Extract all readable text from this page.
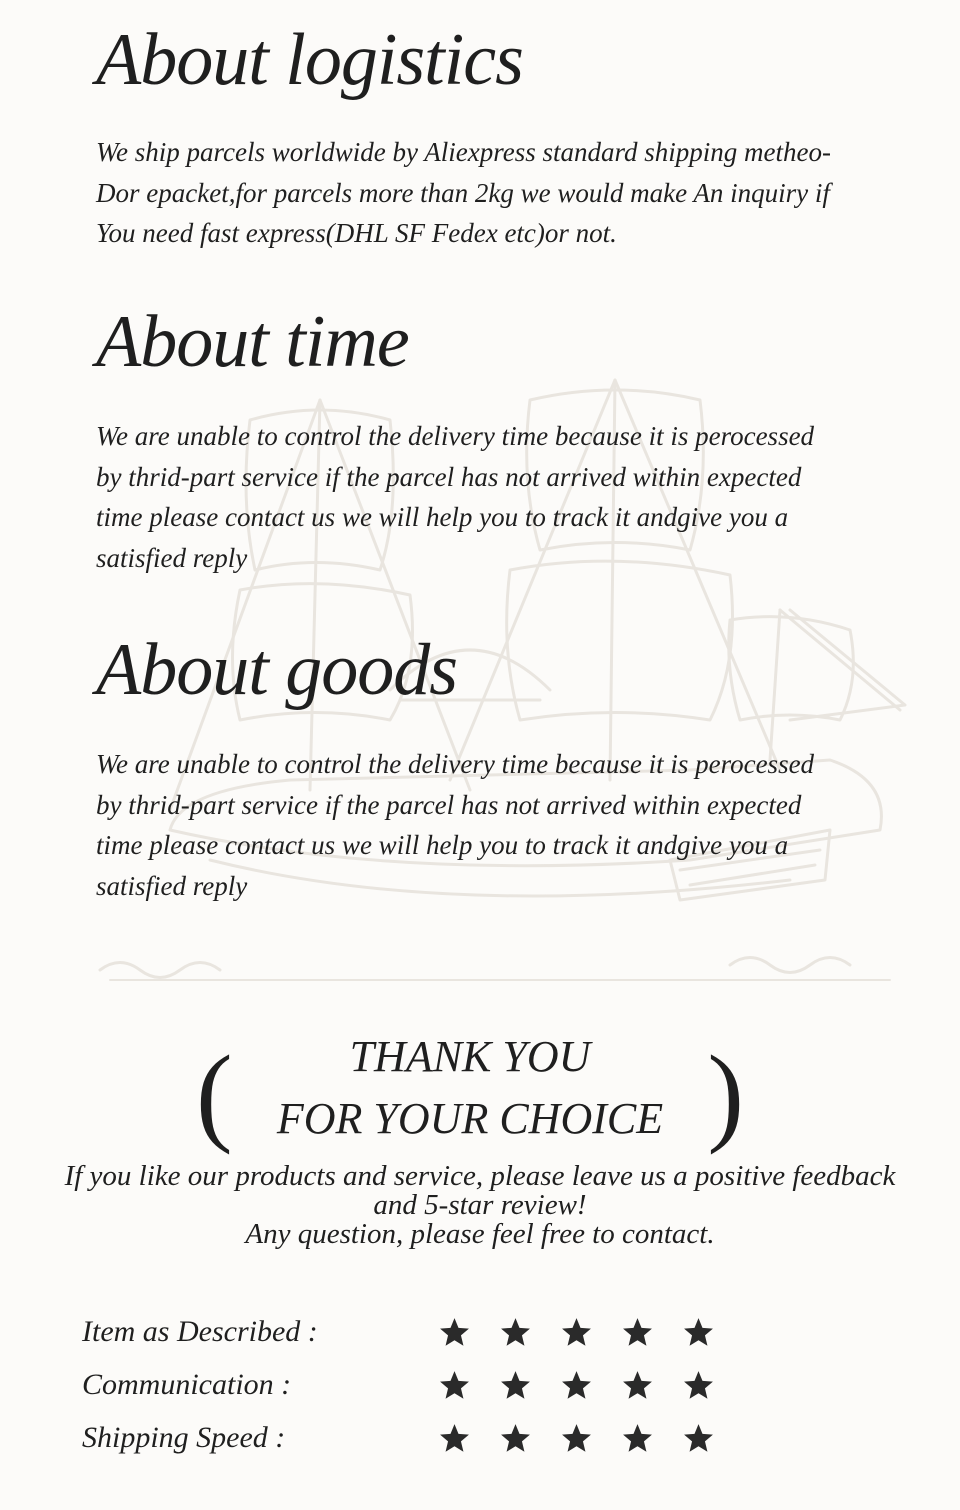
About logistics
We ship parcels worldwide by Aliexpress standard shipping metheo-
Dor epacket,for parcels more than 2kg we would make An inquiry if
You need fast express(DHL SF Fedex etc)or not.
About time
We are unable to control the delivery time because it is perocessed
by thrid-part service if the parcel has not arrived within expected
time please contact us we will help you to track it andgive you a
satisfied reply
About goods
We are unable to control the delivery time because it is perocessed
by thrid-part service if the parcel has not arrived within expected
time please contact us we will help you to track it andgive you a
satisfied reply
(	THANK YOU
FOR YOUR CHOICE )
If you like our products and service, please leave us a positive feedback
and 5-star review!
Any question, please feel free to contact.
Item as Described :
Communication :
Shipping Speed :
